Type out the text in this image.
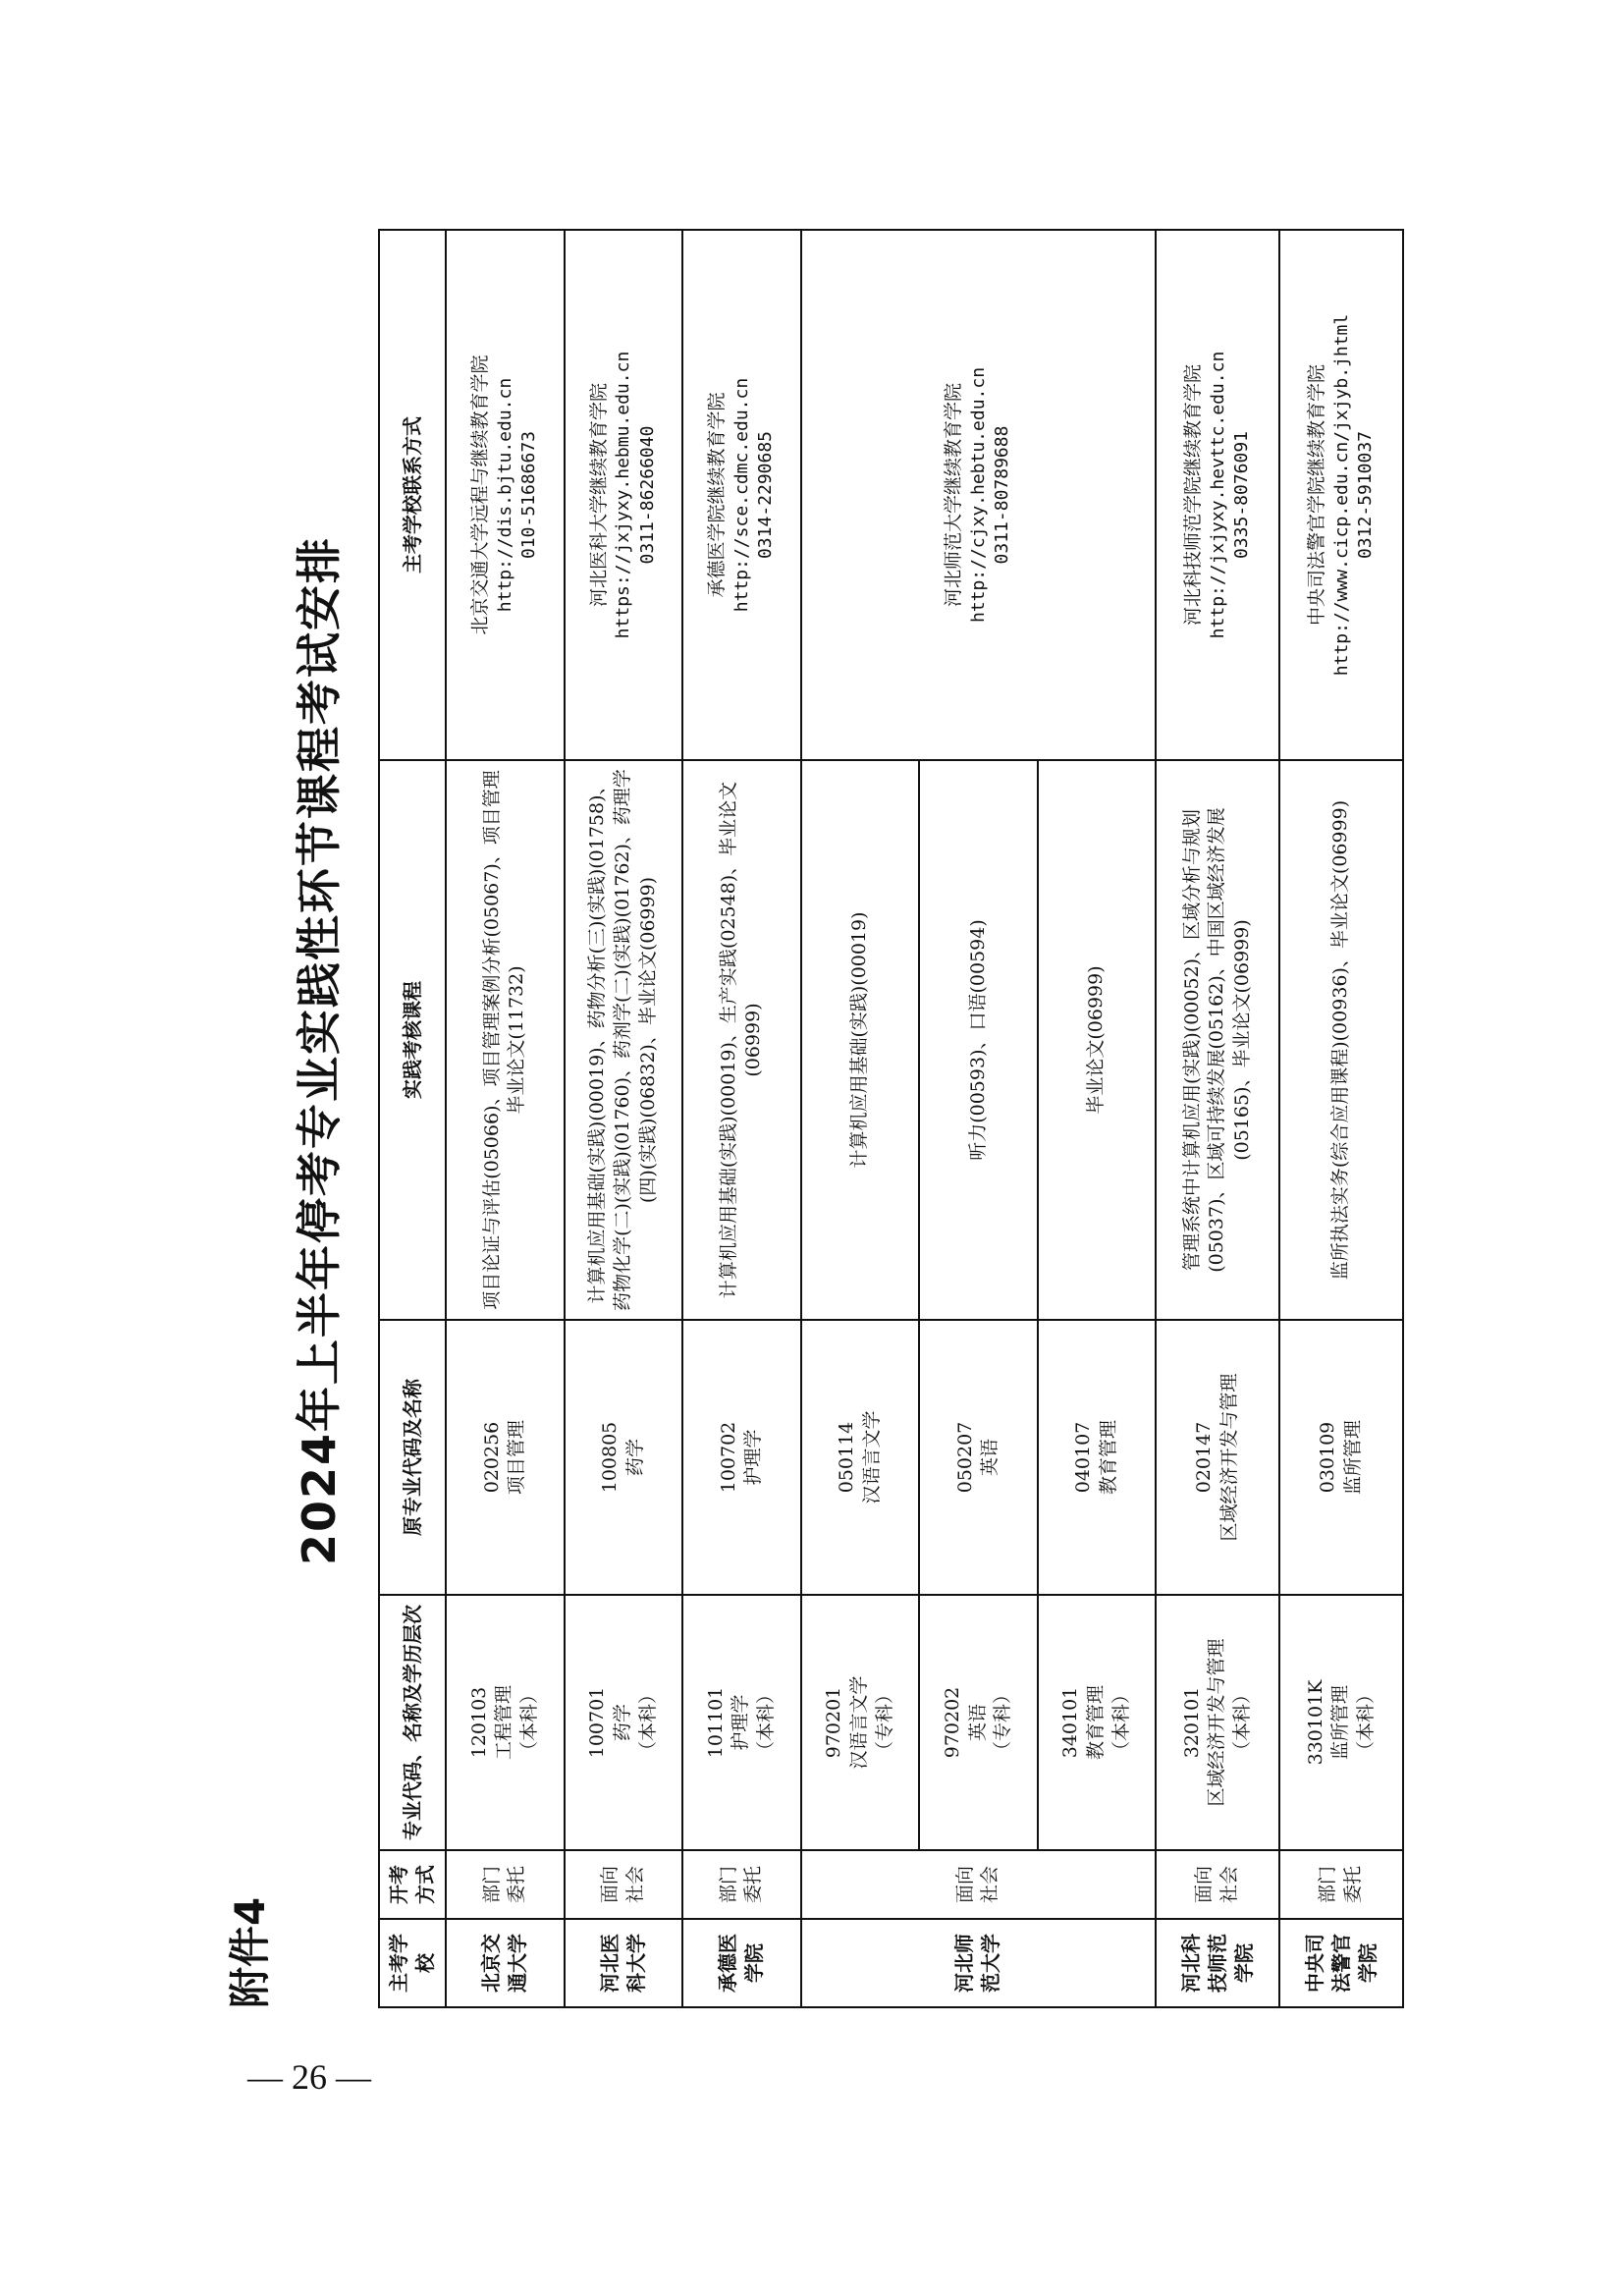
— 26 —
附件4
2024年上半年停考专业实践性环节课程考试安排
主考学校	开考方式	专业代码、名称及学历层次	原专业代码及名称	实践考核课程	主考学校联系方式
北京交通大学	部门委托	120103 工程管理 （本科）	020256 项目管理	项目论证与评估(05066)、项目管理案例分析(05067)、项目管理毕业论文(11732)	北京交通大学远程与继续教育学院 http://dis.bjtu.edu.cn 010-51686673

河北医科大学	面向社会	100701 药学 （本科）	100805 药学	计算机应用基础(实践)(00019)、药物分析(三)(实践)(01758)、药物化学(二)(实践)(01760)、药剂学(二)(实践)(01762)、药理学(四)(实践)(06832)、毕业论文(06999)	河北医科大学继续教育学院 https://jxjyxy.hebmu.edu.cn 0311-86266040

承德医学院	部门委托	101101 护理学 （本科）	100702 护理学	计算机应用基础(实践)(00019)、生产实践(02548)、毕业论文(06999)	承德医学院继续教育学院 http://sce.cdmc.edu.cn 0314-2290685

河北师范大学	面向社会	970201 汉语言文学 （专科）	050114 汉语言文学	计算机应用基础(实践)(00019)	河北师范大学继续教育学院 http://cjxy.hebtu.edu.cn 0311-80789688

		970202 英语 （专科）	050207 英语	听力(00593)、口语(00594)	

		340101 教育管理 （本科）	040107 教育管理	毕业论文(06999)	
河北科技师范学院	面向社会	320101 区域经济开发与管理 （本科）	020147 区域经济开发与管理	管理系统中计算机应用(实践)(00052)、区域分析与规划(05037)、区域可持续发展(05162)、中国区域经济发展(05165)、毕业论文(06999)	河北科技师范学院继续教育学院 http://jxjyxy.hevttc.edu.cn 0335-8076091

中央司法警官学院	部门委托	330101K 监所管理 （本科）	030109 监所管理	监所执法实务(综合应用课程)(00936)、毕业论文(06999)	中央司法警官学院继续教育学院 http://www.cicp.edu.cn/jxjyb.jhtml 0312-5910037
